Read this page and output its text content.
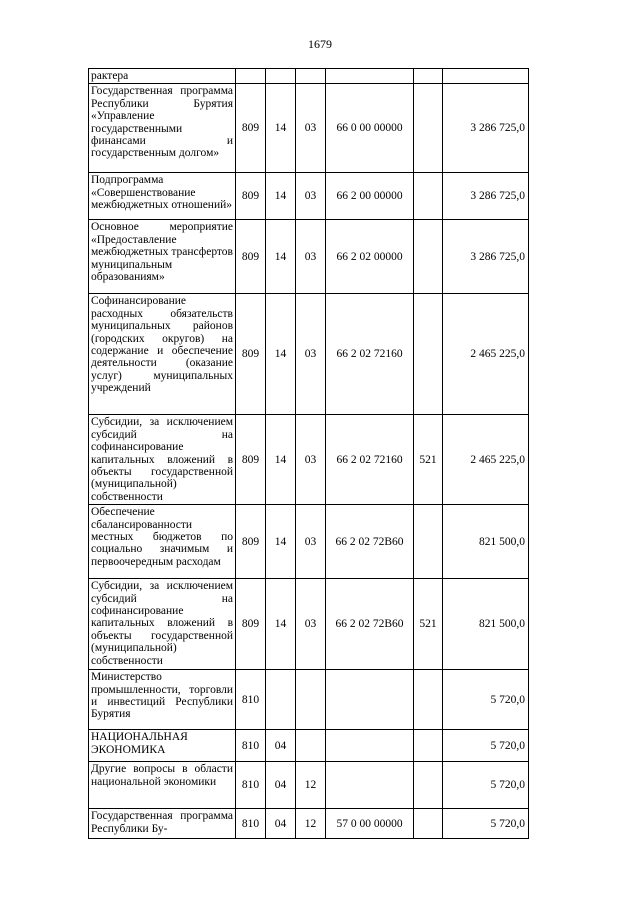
1679
рактера						
Государственная программа Республики Бурятия «Управление государственными финансами и государственным долгом»	809	14	03	66 0 00 00000		3 286 725,0
Подпрограмма «Совершенствование межбюджетных отношений»	809	14	03	66 2 00 00000		3 286 725,0
Основное мероприятие «Предоставление межбюджетных трансфертов муниципальным образованиям»	809	14	03	66 2 02 00000		3 286 725,0
Софинансирование расходных обязательств муниципальных районов (городских округов) на содержание и обеспечение деятельности (оказание услуг) муниципальных учреждений	809	14	03	66 2 02 72160		2 465 225,0
Субсидии, за исключением субсидий на софинансирование капитальных вложений в объекты государственной (муниципальной) собственности	809	14	03	66 2 02 72160	521	2 465 225,0
Обеспечение сбалансированности местных бюджетов по социально значимым и первоочередным расходам	809	14	03	66 2 02 72В60		821 500,0
Субсидии, за исключением субсидий на софинансирование капитальных вложений в объекты государственной (муниципальной) собственности	809	14	03	66 2 02 72В60	521	821 500,0
Министерство промышленности, торговли и инвестиций Республики Бурятия	810					5 720,0
НАЦИОНАЛЬНАЯ ЭКОНОМИКА	810	04				5 720,0
Другие вопросы в области национальной экономики	810	04	12			5 720,0
Государственная программа Республики Бу-	810	04	12	57 0 00 00000		5 720,0
